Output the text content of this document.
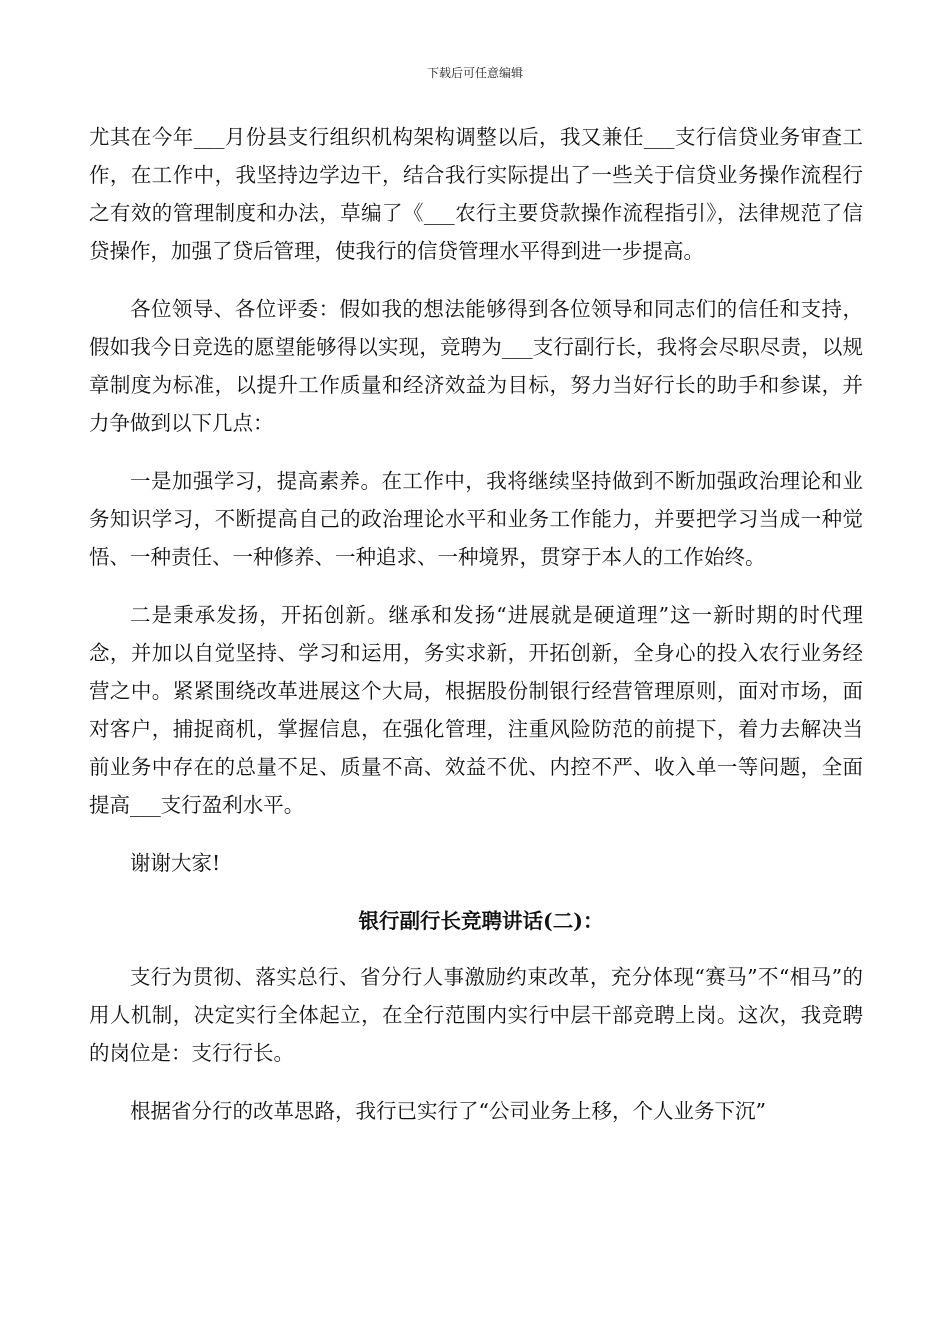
下载后可任意编辑

尤其在今年___月份县支行组织机构架构调整以后，我又兼任___支行信贷业务审查工作，在工作中，我坚持边学边干，结合我行实际提出了一些关于信贷业务操作流程行之有效的管理制度和办法，草编了《___农行主要贷款操作流程指引》，法律规范了信贷操作，加强了贷后管理，使我行的信贷管理水平得到进一步提高。

各位领导、各位评委：假如我的想法能够得到各位领导和同志们的信任和支持，假如我今日竞选的愿望能够得以实现，竞聘为___支行副行长，我将会尽职尽责，以规章制度为标准，以提升工作质量和经济效益为目标，努力当好行长的助手和参谋，并力争做到以下几点：

一是加强学习，提高素养。在工作中，我将继续坚持做到不断加强政治理论和业务知识学习，不断提高自己的政治理论水平和业务工作能力，并要把学习当成一种觉悟、一种责任、一种修养、一种追求、一种境界，贯穿于本人的工作始终。

二是秉承发扬，开拓创新。继承和发扬“进展就是硬道理”这一新时期的时代理念，并加以自觉坚持、学习和运用，务实求新，开拓创新，全身心的投入农行业务经营之中。紧紧围绕改革进展这个大局，根据股份制银行经营管理原则，面对市场，面对客户，捕捉商机，掌握信息，在强化管理，注重风险防范的前提下，着力去解决当前业务中存在的总量不足、质量不高、效益不优、内控不严、收入单一等问题，全面提高___支行盈利水平。

谢谢大家!

银行副行长竞聘讲话(二)：

支行为贯彻、落实总行、省分行人事激励约束改革，充分体现“赛马”不“相马”的用人机制，决定实行全体起立，在全行范围内实行中层干部竞聘上岗。这次，我竞聘的岗位是：支行行长。

根据省分行的改革思路，我行已实行了“公司业务上移，个人业务下沉”
